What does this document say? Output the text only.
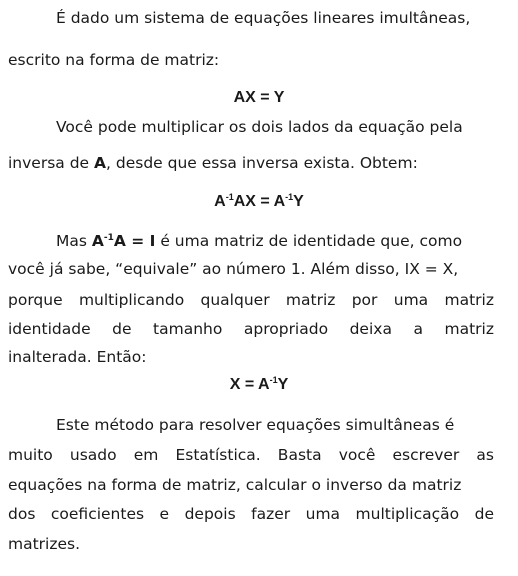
É dado um sistema de equações lineares imultâneas,
escrito na forma de matriz:
AX = Y
Você pode multiplicar os dois lados da equação pela
inversa de A, desde que essa inversa exista. Obtem:
$A^{-1}AX = A^{-1}Y$
Mas $A^{-1}A = I$ é uma matriz de identidade que, como
você já sabe, “equivale” ao número 1. Além disso, IX = X,
porque multiplicando qualquer matriz por uma matriz
identidade de tamanho apropriado deixa a matriz
inalterada. Então:
$X = A^{-1}Y$
Este método para resolver equações simultâneas é
muito usado em Estatística. Basta você escrever as
equações na forma de matriz, calcular o inverso da matriz
dos coeficientes e depois fazer uma multiplicação de
matrizes.
